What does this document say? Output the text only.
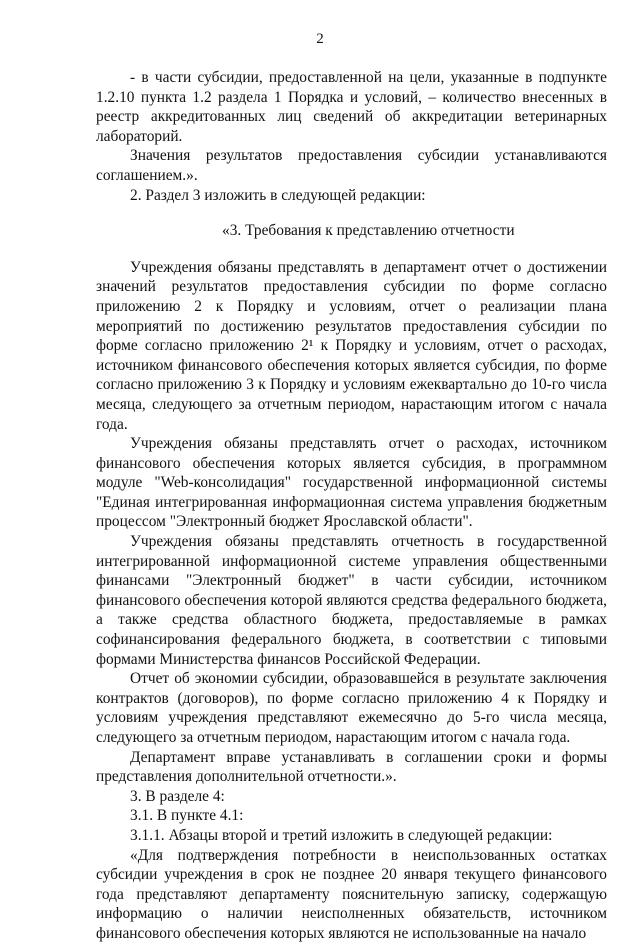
2

- в части субсидии, предоставленной на цели, указанные в подпункте 1.2.10 пункта 1.2 раздела 1 Порядка и условий, – количество внесенных в реестр аккредитованных лиц сведений об аккредитации ветеринарных лабораторий.

Значения результатов предоставления субсидии устанавливаются соглашением.».

2. Раздел 3 изложить в следующей редакции:

«3. Требования к представлению отчетности

Учреждения обязаны представлять в департамент отчет о достижении значений результатов предоставления субсидии по форме согласно приложению 2 к Порядку и условиям, отчет о реализации плана мероприятий по достижению результатов предоставления субсидии по форме согласно приложению 2¹ к Порядку и условиям, отчет о расходах, источником финансового обеспечения которых является субсидия, по форме согласно приложению 3 к Порядку и условиям ежеквартально до 10-го числа месяца, следующего за отчетным периодом, нарастающим итогом с начала года.

Учреждения обязаны представлять отчет о расходах, источником финансового обеспечения которых является субсидия, в программном модуле "Web-консолидация" государственной информационной системы "Единая интегрированная информационная система управления бюджетным процессом "Электронный бюджет Ярославской области".

Учреждения обязаны представлять отчетность в государственной интегрированной информационной системе управления общественными финансами "Электронный бюджет" в части субсидии, источником финансового обеспечения которой являются средства федерального бюджета, а также средства областного бюджета, предоставляемые в рамках софинансирования федерального бюджета, в соответствии с типовыми формами Министерства финансов Российской Федерации.

Отчет об экономии субсидии, образовавшейся в результате заключения контрактов (договоров), по форме согласно приложению 4 к Порядку и условиям учреждения представляют ежемесячно до 5-го числа месяца, следующего за отчетным периодом, нарастающим итогом с начала года.

Департамент вправе устанавливать в соглашении сроки и формы представления дополнительной отчетности.».

3. В разделе 4:

3.1. В пункте 4.1:

3.1.1. Абзацы второй и третий изложить в следующей редакции:

«Для подтверждения потребности в неиспользованных остатках субсидии учреждения в срок не позднее 20 января текущего финансового года представляют департаменту пояснительную записку, содержащую информацию о наличии неисполненных обязательств, источником финансового обеспечения которых являются не использованные на начало
